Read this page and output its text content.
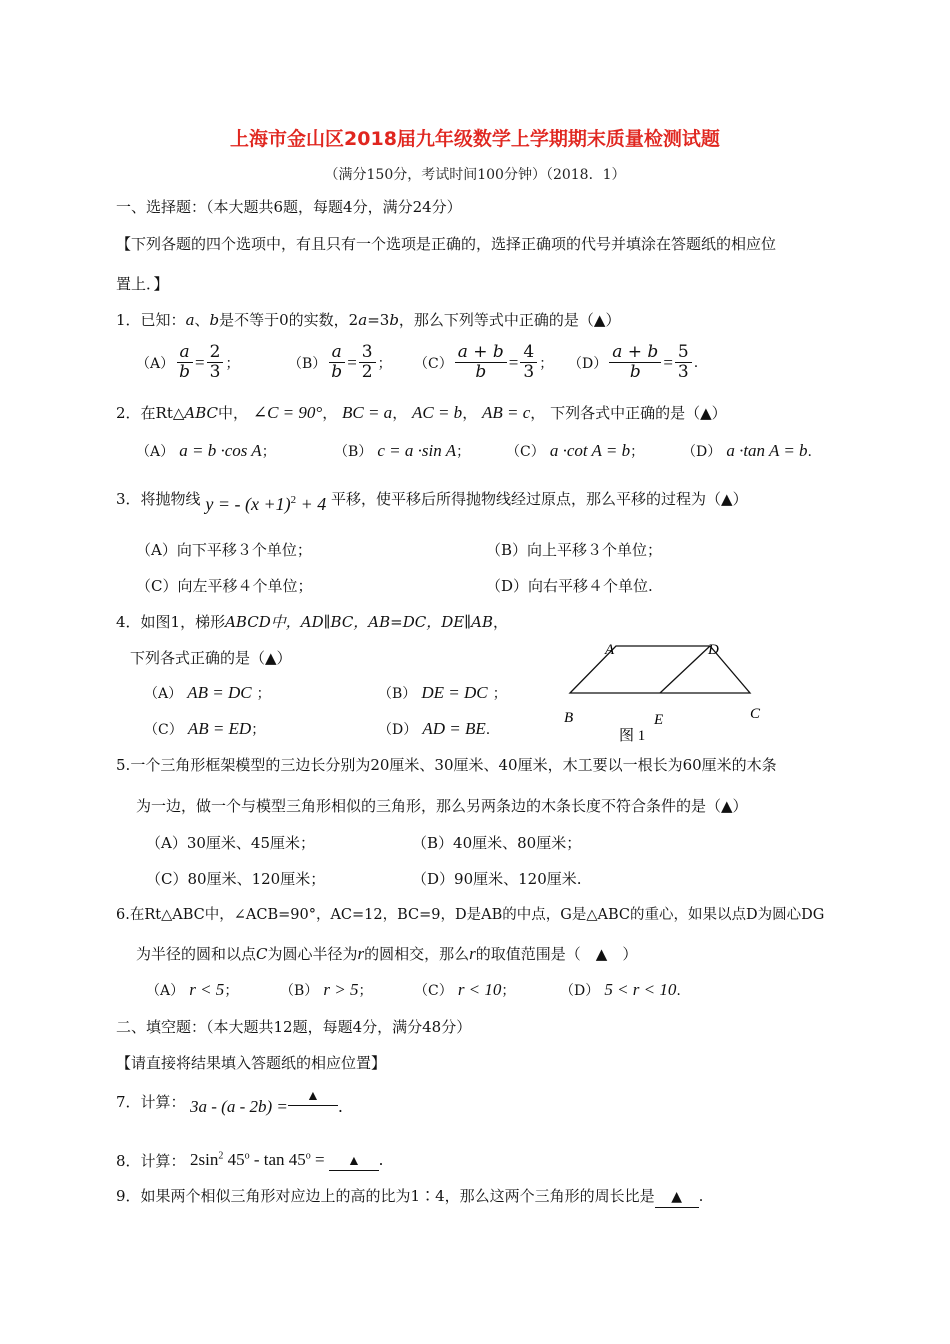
上海市金山区2018届九年级数学上学期期末质量检测试题
（满分150分，考试时间100分钟）（2018．1）
一、选择题：（本大题共6题，每题4分，满分24分）
【下列各题的四个选项中，有且只有一个选项是正确的，选择正确项的代号并填涂在答题纸的相应位
置上．】
1．已知：a、b是不等于0的实数，2a=3b，那么下列等式中正确的是（▲）
$(A) \frac{a}{b} = \frac{2}{3}$ ；	$(B) \frac{a}{b} = \frac{3}{2}$ ； $(C) \frac{a + b}{b} = \frac{4}{3}$ ； $(D) \frac{a + b}{b} = \frac{5}{3}$ .
2．在Rt△ABC中， ∠C = 90°， BC = a， AC = b， AB = c， 下列各式中正确的是（▲）
（A） a = b ·cos A；	（B） c = a ·sin A；	（C） a ·cot A = b；	（D） a ·tan A = b.
3．将抛物线 y = - $(x +1)^2 + 4$ 平移，使平移后所得抛物线经过原点，那么平移的过程为（▲）
（A）向下平移３个单位；	（B）向上平移３个单位；
（C）向左平移４个单位；	（D）向右平移４个单位.
4．如图1，梯形ABCD中，AD∥BC，AB=DC，DE∥AB，
下列各式正确的是（▲）
（A） AB = DC ；	（B） DE = DC ；
（C） AB = ED；	（D） AD = BE.
A	D
B	E	C
图 1
5.一个三角形框架模型的三边长分别为20厘米、30厘米、40厘米，木工要以一根长为60厘米的木条
为一边，做一个与模型三角形相似的三角形，那么另两条边的木条长度不符合条件的是（▲）
（A）30厘米、45厘米；	（B）40厘米、80厘米；
（C）80厘米、120厘米；	（D）90厘米、120厘米.
6.在Rt△ABC中，∠ACB=90°，AC=12，BC=9，D是AB的中点，G是△ABC的重心，如果以点D为圆心DG
为半径的圆和以点C为圆心半径为r的圆相交，那么r的取值范围是（　▲　）
（A） r < 5；	（B） r > 5；	（C） r < 10；	（D） 5 < r < 10.
二、填空题：（本大题共12题，每题4分，满分48分）
【请直接将结果填入答题纸的相应位置】
7．计算： 3a - (a - 2b) =▲.
8．计算： $2\sin^2$ $45^o - \tan 45^o$ = ▲ .
9．如果两个相似三角形对应边上的高的比为1∶4，那么这两个三角形的周长比是 ▲ .
